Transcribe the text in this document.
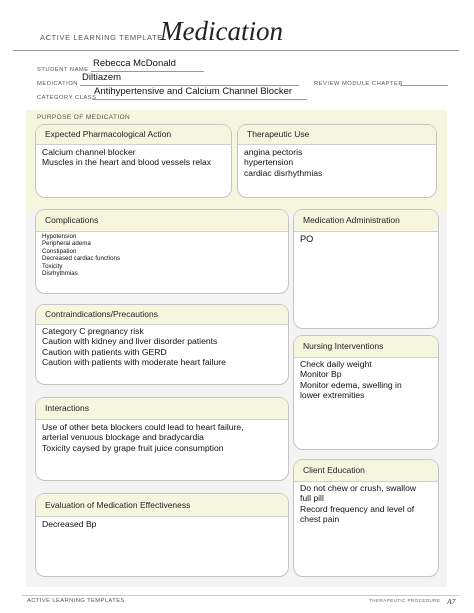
ACTIVE LEARNING TEMPLATE:
Medication
STUDENT NAME
Rebecca McDonald
MEDICATION
Diltiazem
REVIEW MODULE CHAPTER
CATEGORY CLASS
Antihypertensive and Calcium Channel Blocker
PURPOSE OF MEDICATION
Expected Pharmacological Action
Calcium channel blocker
Muscles in the heart and blood vessels relax
Therapeutic Use
angina pectoris
hypertension
cardiac disrhythmias
Complications
Hypotension
Peripheral adema
Constipation
Decreased cardiac functions
Toxicity
Disrhythmias
Medication Administration
PO
Contraindications/Precautions
Category C pregnancy risk
Caution with kidney and liver disorder patients
Caution with patients with GERD
Caution with patients with moderate heart failure
Nursing Interventions
Check daily weight
Monitor Bp
Monitor edema, swelling in
lower extremities
Interactions
Use of other beta blockers could lead to heart failure,
arterial venuous blockage and bradycardia
Toxicity caysed by grape fruit juice consumption
Client Education
Do not chew or crush, swallow
full pill
Record frequency and level of
chest pain
Evaluation of Medication Effectiveness
Decreased Bp
ACTIVE LEARNING TEMPLATES	THERAPEUTIC PROCEDURE A7
